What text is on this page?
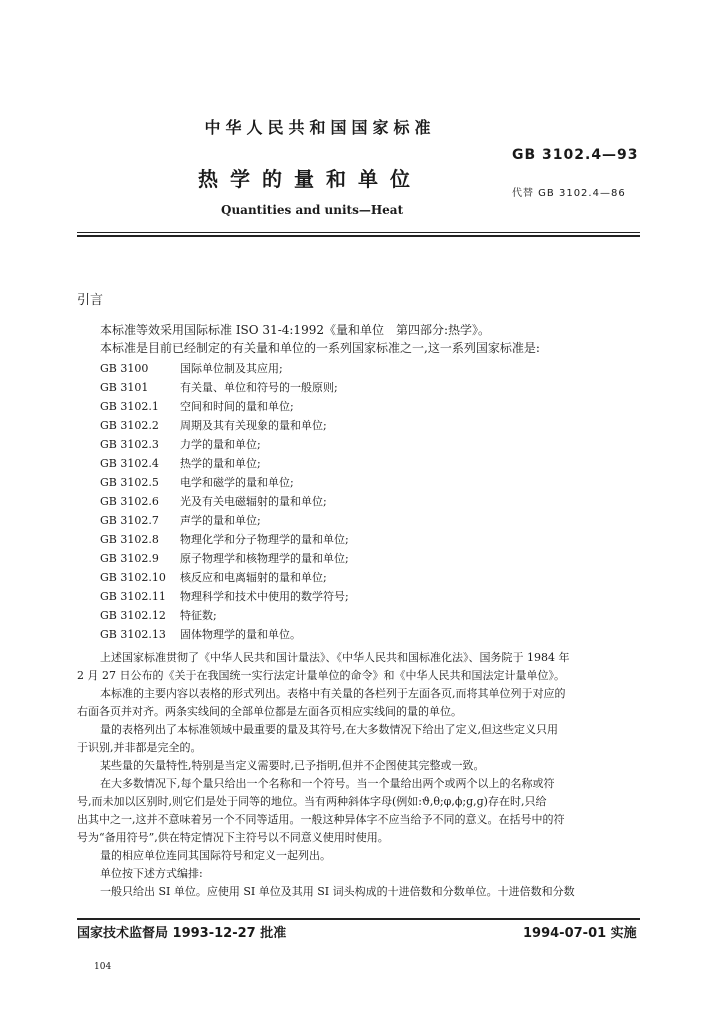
中华人民共和国国家标准
GB 3102.4—93
热学的量和单位
代替 GB 3102.4—86
Quantities and units—Heat
引言
本标准等效采用国际标准 ISO 31-4:1992《量和单位　第四部分:热学》。
本标准是目前已经制定的有关量和单位的一系列国家标准之一,这一系列国家标准是:
GB 3100	国际单位制及其应用;
GB 3101	有关量、单位和符号的一般原则;
GB 3102.1 空间和时间的量和单位;
GB 3102.2 周期及其有关现象的量和单位;
GB 3102.3 力学的量和单位;
GB 3102.4 热学的量和单位;
GB 3102.5 电学和磁学的量和单位;
GB 3102.6 光及有关电磁辐射的量和单位;
GB 3102.7 声学的量和单位;
GB 3102.8 物理化学和分子物理学的量和单位;
GB 3102.9 原子物理学和核物理学的量和单位;
GB 3102.10 核反应和电离辐射的量和单位;
GB 3102.11 物理科学和技术中使用的数学符号;
GB 3102.12 特征数;
GB 3102.13 固体物理学的量和单位。
上述国家标准贯彻了《中华人民共和国计量法》、《中华人民共和国标准化法》、国务院于 1984 年
2 月 27 日公布的《关于在我国统一实行法定计量单位的命令》和《中华人民共和国法定计量单位》。
本标准的主要内容以表格的形式列出。表格中有关量的各栏列于左面各页,而将其单位列于对应的
右面各页并对齐。两条实线间的全部单位都是左面各页相应实线间的量的单位。
量的表格列出了本标准领域中最重要的量及其符号,在大多数情况下给出了定义,但这些定义只用
于识别,并非都是完全的。
某些量的矢量特性,特别是当定义需要时,已予指明,但并不企图使其完整或一致。
在大多数情况下,每个量只给出一个名称和一个符号。当一个量给出两个或两个以上的名称或符
号,而未加以区别时,则它们是处于同等的地位。当有两种斜体字母(例如:ϑ,θ;φ,ϕ;g,ɡ)存在时,只给
出其中之一,这并不意味着另一个不同等适用。一般这种异体字不应当给予不同的意义。在括号中的符
号为“备用符号”,供在特定情况下主符号以不同意义使用时使用。
量的相应单位连同其国际符号和定义一起列出。
单位按下述方式编排:
一般只给出 SI 单位。应使用 SI 单位及其用 SI 词头构成的十进倍数和分数单位。十进倍数和分数
国家技术监督局 1993-12-27 批准	1994-07-01 实施
104
